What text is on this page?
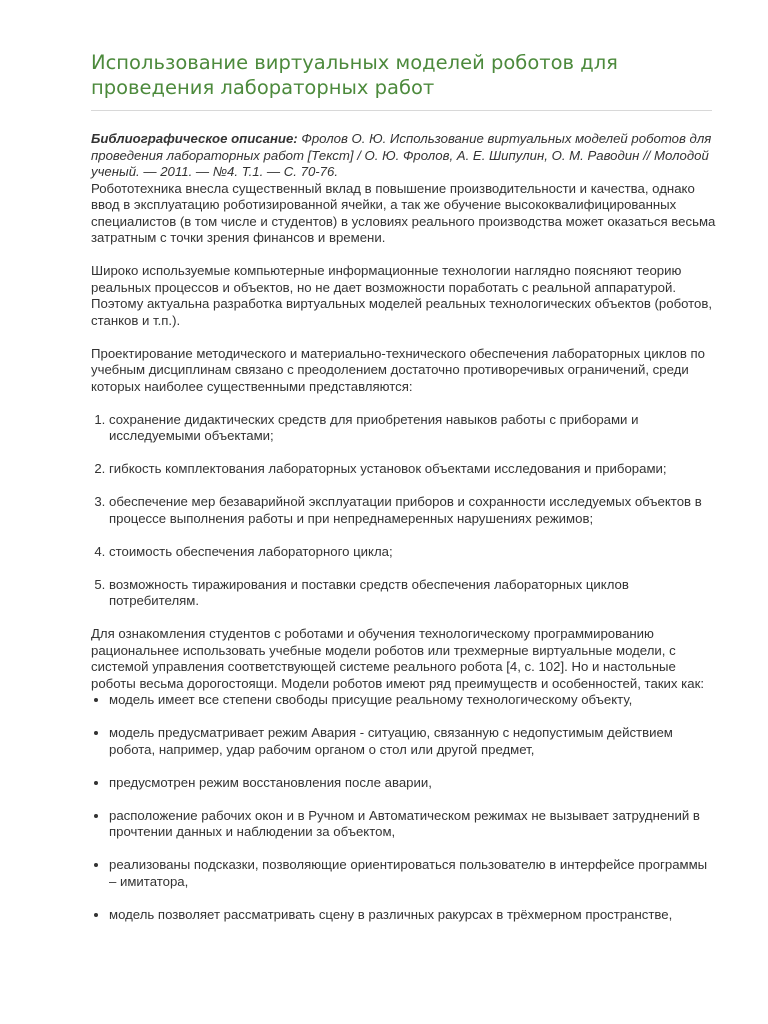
Использование виртуальных моделей роботов для проведения лабораторных работ

Библиографическое описание: Фролов О. Ю. Использование виртуальных моделей роботов для проведения лабораторных работ [Текст] / О. Ю. Фролов, А. Е. Шипулин, О. М. Раводин // Молодой ученый. — 2011. — №4. Т.1. — С. 70-76.

Робототехника внесла существенный вклад в повышение производительности и качества, однако ввод в эксплуатацию роботизированной ячейки, а так же обучение высококвалифицированных специалистов (в том числе и студентов) в условиях реального производства может оказаться весьма затратным с точки зрения финансов и времени.

Широко используемые компьютерные информационные технологии наглядно поясняют теорию реальных процессов и объектов, но не дает возможности поработать с реальной аппаратурой. Поэтому актуальна разработка виртуальных моделей реальных технологических объектов (роботов, станков и т.п.).

Проектирование методического и материально-технического обеспечения лабораторных циклов по учебным дисциплинам связано с преодолением достаточно противоречивых ограничений, среди которых наиболее существенными представляются:

1. сохранение дидактических средств для приобретения навыков работы с приборами и исследуемыми объектами;
2. гибкость комплектования лабораторных установок объектами исследования и приборами;
3. обеспечение мер безаварийной эксплуатации приборов и сохранности исследуемых объектов в процессе выполнения работы и при непреднамеренных нарушениях режимов;
4. стоимость обеспечения лабораторного цикла;
5. возможность тиражирования и поставки средств обеспечения лабораторных циклов потребителям.

Для ознакомления студентов с роботами и обучения технологическому программированию рациональнее использовать учебные модели роботов или трехмерные виртуальные модели, с системой управления соответствующей системе реального робота [4, с. 102]. Но и настольные роботы весьма дорогостоящи. Модели роботов имеют ряд преимуществ и особенностей, таких как:

• модель имеет все степени свободы присущие реальному технологическому объекту,
• модель предусматривает режим Авария - ситуацию, связанную с недопустимым действием робота, например, удар рабочим органом о стол или другой предмет,
• предусмотрен режим восстановления после аварии,
• расположение рабочих окон и в Ручном и Автоматическом режимах не вызывает затруднений в прочтении данных и наблюдении за объектом,
• реализованы подсказки, позволяющие ориентироваться пользователю в интерфейсе программы – имитатора,
• модель позволяет рассматривать сцену в различных ракурсах в трёхмерном пространстве,
